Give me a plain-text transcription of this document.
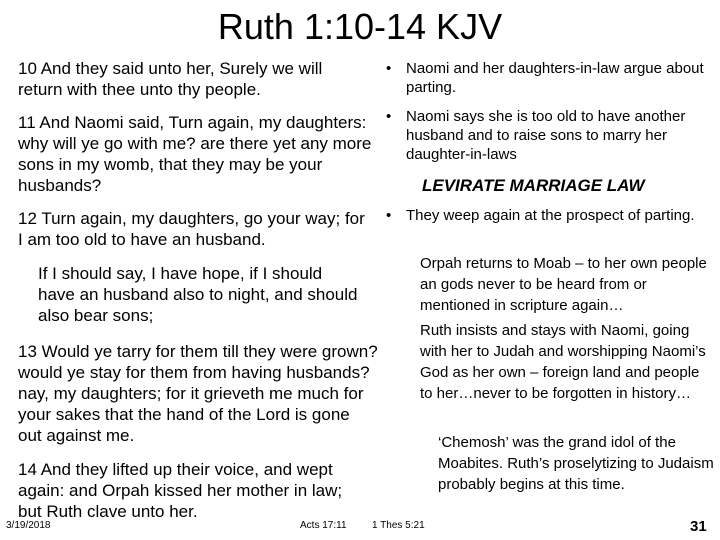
Ruth 1:10-14 KJV

10 And they said unto her, Surely we will return with thee unto thy people.

11 And Naomi said, Turn again, my daughters: why will ye go with me? are there yet any more sons in my womb, that they may be your husbands?

12 Turn again, my daughters, go your way; for I am too old to have an husband.

If I should say, I have hope, if I should have an husband also to night, and should also bear sons;

13 Would ye tarry for them till they were grown? would ye stay for them from having husbands? nay, my daughters; for it grieveth me much for your sakes that the hand of the Lord is gone out against me.

14 And they lifted up their voice, and wept again: and Orpah kissed her mother in law; but Ruth clave unto her.

• Naomi and her daughters-in-law argue about parting.

• Naomi says she is too old to have another husband and to raise sons to marry her daughter-in-laws

LEVIRATE MARRIAGE LAW

• They weep again at the prospect of parting.

Orpah returns to Moab – to her own people an gods never to be heard from or mentioned in scripture again…

Ruth insists and stays with Naomi, going with her to Judah and worshipping Naomi’s God as her own – foreign land and people to her…never to be forgotten in history…

‘Chemosh’ was the grand idol of the Moabites. Ruth’s proselytizing to Judaism probably begins at this time.

3/19/2018	Acts 17:11	1 Thes 5:21	31
